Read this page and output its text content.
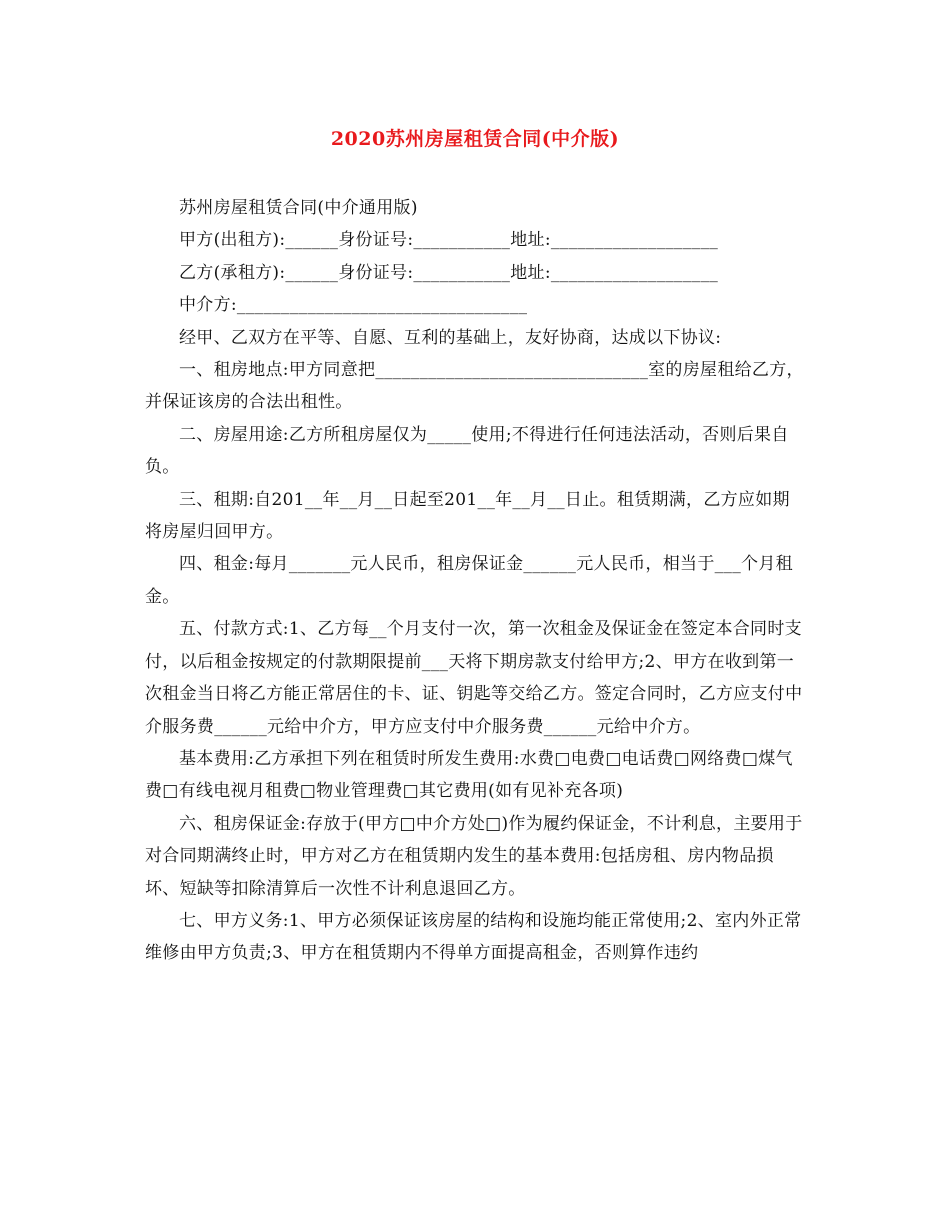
2020苏州房屋租赁合同(中介版)

苏州房屋租赁合同(中介通用版)

甲方(出租方):______身份证号:___________地址:___________________

乙方(承租方):______身份证号:___________地址:___________________

中介方:_________________________________

经甲、乙双方在平等、自愿、互利的基础上，友好协商，达成以下协议:

一、租房地点:甲方同意把_______________________________室的房屋租给乙方，并保证该房的合法出租性。

二、房屋用途:乙方所租房屋仅为_____使用;不得进行任何违法活动，否则后果自负。

三、租期:自201__年__月__日起至201__年__月__日止。租赁期满，乙方应如期将房屋归回甲方。

四、租金:每月_______元人民币，租房保证金______元人民币，相当于___个月租金。

五、付款方式:1、乙方每__个月支付一次，第一次租金及保证金在签定本合同时支付，以后租金按规定的付款期限提前___天将下期房款支付给甲方;2、甲方在收到第一次租金当日将乙方能正常居住的卡、证、钥匙等交给乙方。签定合同时，乙方应支付中介服务费______元给中介方，甲方应支付中介服务费______元给中介方。

基本费用:乙方承担下列在租赁时所发生费用:水费□电费□电话费□网络费□煤气费□有线电视月租费□物业管理费□其它费用(如有见补充各项)

六、租房保证金:存放于(甲方□中介方处□)作为履约保证金，不计利息，主要用于对合同期满终止时，甲方对乙方在租赁期内发生的基本费用:包括房租、房内物品损坏、短缺等扣除清算后一次性不计利息退回乙方。

七、甲方义务:1、甲方必须保证该房屋的结构和设施均能正常使用;2、室内外正常维修由甲方负责;3、甲方在租赁期内不得单方面提高租金，否则算作违约
